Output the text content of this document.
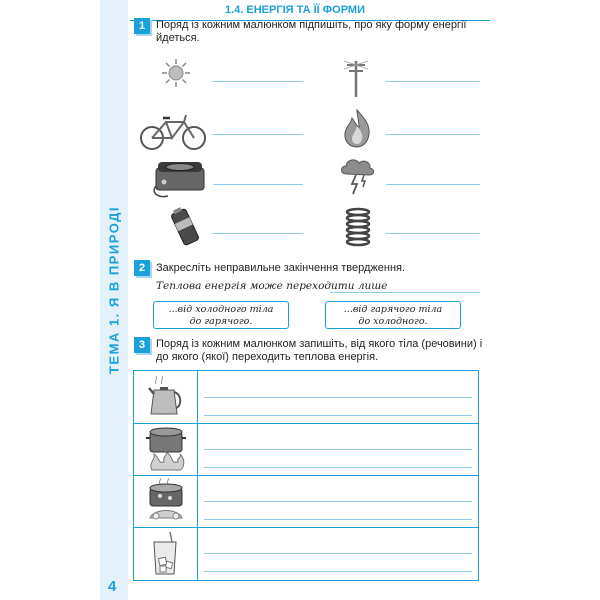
ТЕМА 1. Я В ПРИРОДІ
4
1.4. ЕНЕРГІЯ ТА ЇЇ ФОРМИ
1 Поряд із кожним малюнком підпишіть, про яку форму енергії йдеться.
2 Закресліть неправильне закінчення твердження.
Теплова енергія може переходити лише
...від холодного тіла
до гарячого.
...від гарячого тіла
до холодного.
3 Поряд із кожним малюнком запишіть, від якого тіла (речовини) і до якого (якої) переходить теплова енергія.
